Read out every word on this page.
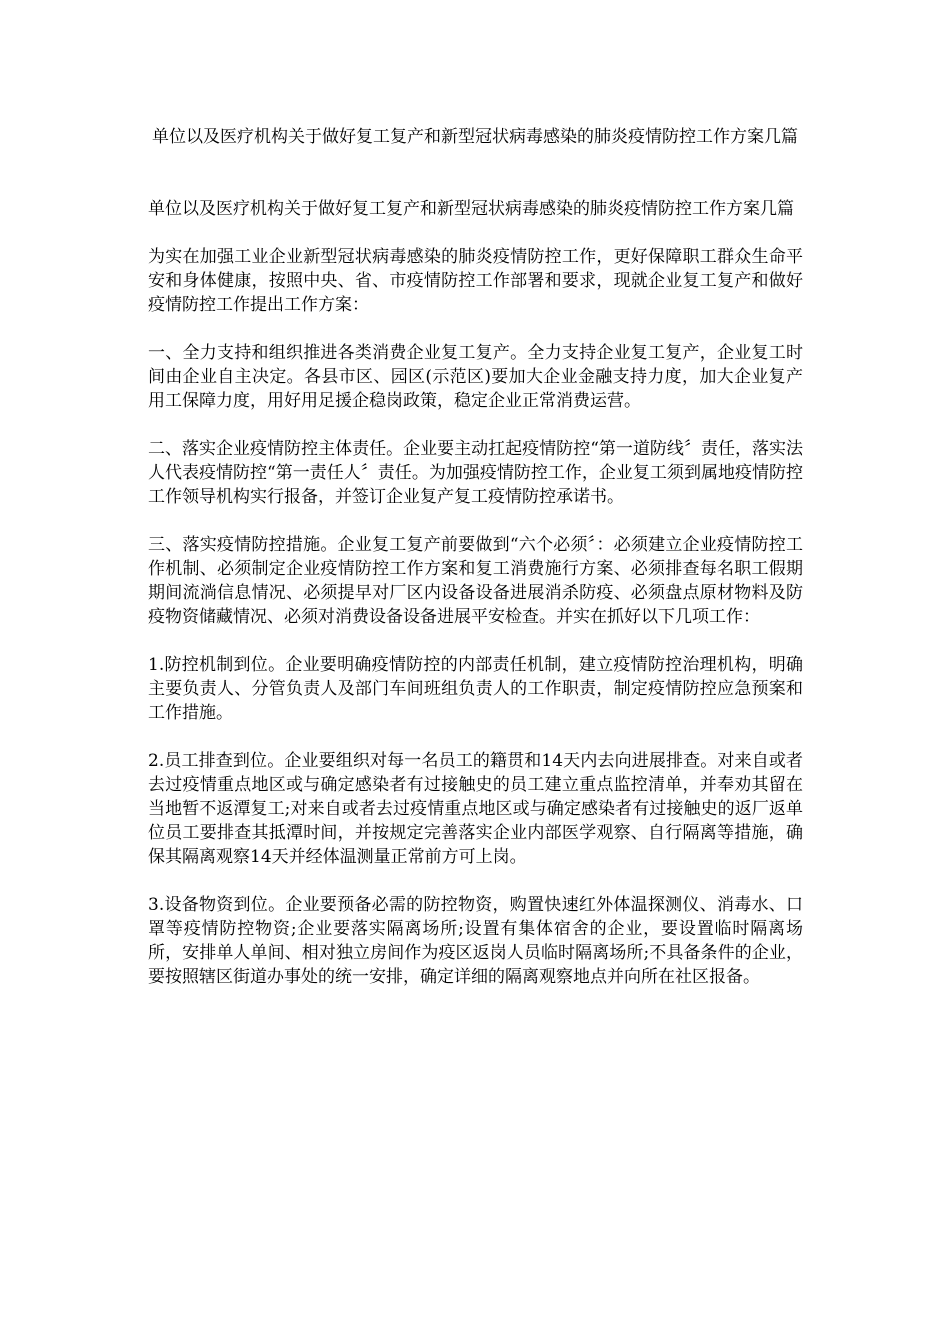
单位以及医疗机构关于做好复工复产和新型冠状病毒感染的肺炎疫情防控工作方案几篇

单位以及医疗机构关于做好复工复产和新型冠状病毒感染的肺炎疫情防控工作方案几篇

为实在加强工业企业新型冠状病毒感染的肺炎疫情防控工作，更好保障职工群众生命平安和身体健康，按照中央、省、市疫情防控工作部署和要求，现就企业复工复产和做好疫情防控工作提出工作方案：

一、全力支持和组织推进各类消费企业复工复产。全力支持企业复工复产，企业复工时间由企业自主决定。各县市区、园区(示范区)要加大企业金融支持力度，加大企业复产用工保障力度，用好用足援企稳岗政策，稳定企业正常消费运营。

二、落实企业疫情防控主体责任。企业要主动扛起疫情防控“第一道防线〞责任，落实法人代表疫情防控“第一责任人〞责任。为加强疫情防控工作，企业复工须到属地疫情防控工作领导机构实行报备，并签订企业复产复工疫情防控承诺书。

三、落实疫情防控措施。企业复工复产前要做到“六个必须〞：必须建立企业疫情防控工作机制、必须制定企业疫情防控工作方案和复工消费施行方案、必须排查每名职工假期期间流淌信息情况、必须提早对厂区内设备设备进展消杀防疫、必须盘点原材物料及防疫物资储藏情况、必须对消费设备设备进展平安检查。并实在抓好以下几项工作：

1.防控机制到位。企业要明确疫情防控的内部责任机制，建立疫情防控治理机构，明确主要负责人、分管负责人及部门车间班组负责人的工作职责，制定疫情防控应急预案和工作措施。

2.员工排查到位。企业要组织对每一名员工的籍贯和14天内去向进展排查。对来自或者去过疫情重点地区或与确定感染者有过接触史的员工建立重点监控清单，并奉劝其留在当地暂不返潭复工;对来自或者去过疫情重点地区或与确定感染者有过接触史的返厂返单位员工要排查其抵潭时间，并按规定完善落实企业内部医学观察、自行隔离等措施，确保其隔离观察14天并经体温测量正常前方可上岗。

3.设备物资到位。企业要预备必需的防控物资，购置快速红外体温探测仪、消毒水、口罩等疫情防控物资;企业要落实隔离场所;设置有集体宿舍的企业，要设置临时隔离场所，安排单人单间、相对独立房间作为疫区返岗人员临时隔离场所;不具备条件的企业，要按照辖区街道办事处的统一安排，确定详细的隔离观察地点并向所在社区报备。
